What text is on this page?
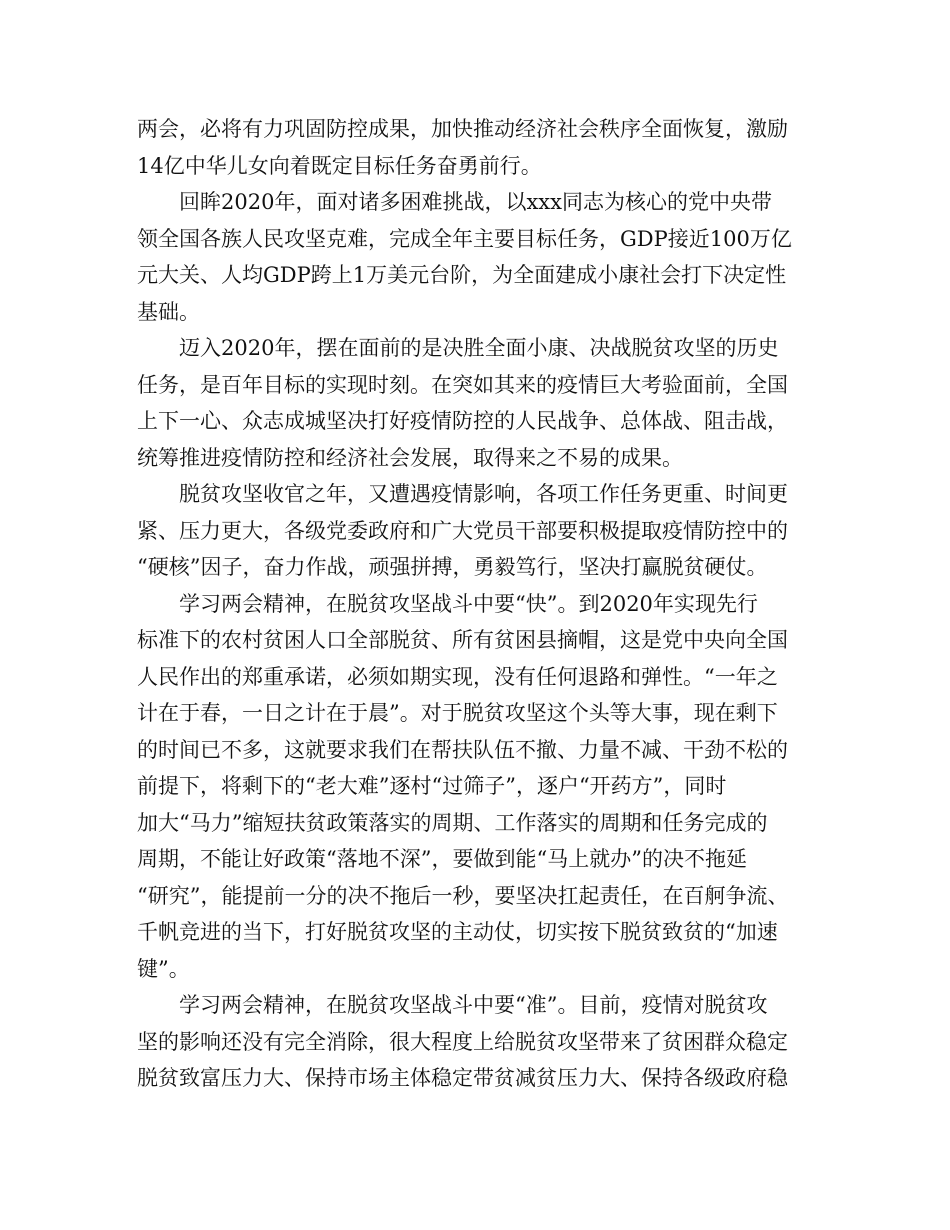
两会，必将有力巩固防控成果，加快推动经济社会秩序全面恢复，激励
14亿中华儿女向着既定目标任务奋勇前行。
回眸2020年，面对诸多困难挑战，以xxx同志为核心的党中央带
领全国各族人民攻坚克难，完成全年主要目标任务，GDP接近100万亿
元大关、人均GDP跨上1万美元台阶，为全面建成小康社会打下决定性
基础。
迈入2020年，摆在面前的是决胜全面小康、决战脱贫攻坚的历史
任务，是百年目标的实现时刻。在突如其来的疫情巨大考验面前，全国
上下一心、众志成城坚决打好疫情防控的人民战争、总体战、阻击战，
统筹推进疫情防控和经济社会发展，取得来之不易的成果。
脱贫攻坚收官之年，又遭遇疫情影响，各项工作任务更重、时间更
紧、压力更大，各级党委政府和广大党员干部要积极提取疫情防控中的
“硬核”因子，奋力作战，顽强拼搏，勇毅笃行，坚决打赢脱贫硬仗。
学习两会精神，在脱贫攻坚战斗中要“快”。到2020年实现先行
标准下的农村贫困人口全部脱贫、所有贫困县摘帽，这是党中央向全国
人民作出的郑重承诺，必须如期实现，没有任何退路和弹性。“一年之
计在于春，一日之计在于晨”。对于脱贫攻坚这个头等大事，现在剩下
的时间已不多，这就要求我们在帮扶队伍不撤、力量不减、干劲不松的
前提下，将剩下的“老大难”逐村“过筛子”，逐户“开药方”，同时
加大“马力”缩短扶贫政策落实的周期、工作落实的周期和任务完成的
周期，不能让好政策“落地不深”，要做到能“马上就办”的决不拖延
“研究”，能提前一分的决不拖后一秒，要坚决扛起责任，在百舸争流、
千帆竞进的当下，打好脱贫攻坚的主动仗，切实按下脱贫致贫的“加速
键”。
学习两会精神，在脱贫攻坚战斗中要“准”。目前，疫情对脱贫攻
坚的影响还没有完全消除，很大程度上给脱贫攻坚带来了贫困群众稳定
脱贫致富压力大、保持市场主体稳定带贫减贫压力大、保持各级政府稳
